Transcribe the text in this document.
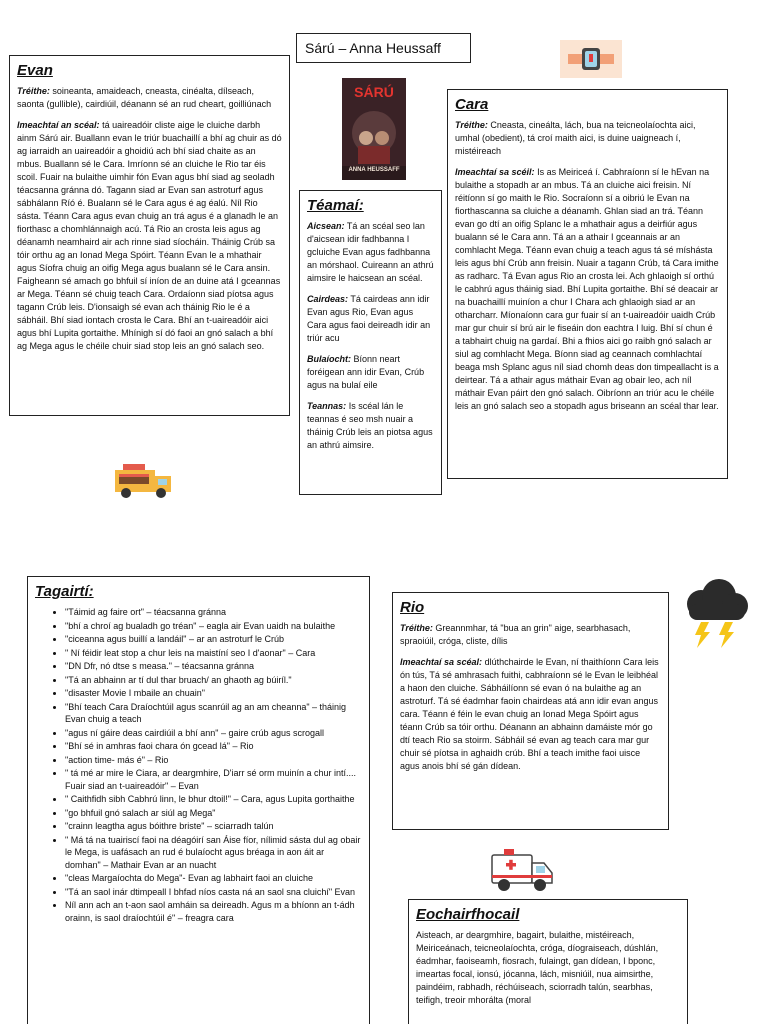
Sárú – Anna Heussaff
SÁRÚ
ANNA HEUSSAFF
Evan

Tréithe: soineanta, amaideach, cneasta, cinéalta, dílseach, saonta (gullible), cairdiúil, déanann sé an rud cheart, goilliúnach

Imeachtaí an scéal: tá uaireadóir cliste aige le cluiche darbh ainm Sárú air. Buallann evan le triúr buachaillí a bhí ag chuir as dó ag iarraidh an uaireadóir a ghoidiú ach bhí siad chaite as an mbus. Buallann sé le Cara. Imríonn sé an cluiche le Rio tar éis scoil. Fuair na bulaithe uimhir fón Evan agus bhí siad ag seoladh téacsanna gránna dó. Tagann siad ar Evan san astroturf agus sábhálann Ríó é. Bualann sé le Cara agus é ag éalú. Níl Rio sásta. Téann Cara agus evan chuig an trá agus é a glanadh le an fiorthasc a chomhlánnaigh acú. Tá Rio an crosta leis agus ag déanamh neamhaird air ach rinne siad síocháin. Tháinig Crúb sa tóir orthu ag an Ionad Mega Spóirt. Téann Evan le a mhathair agus Síofra chuig an oifig Mega agus bualann sé le Cara ansin. Faigheann sé amach go bhfuil sí iníon de an duine atá I gceannas ar Mega. Téann sé chuig teach Cara. Ordaíonn siad píotsa agus tagann Crúb leis. D'ionsaigh sé evan ach tháinig Rio le é a sábháil. Bhí siad iontach crosta le Cara. Bhí an t-uaireadóir aici agus bhí Lupita gortaithe. Mhínigh sí dó faoi an gnó salach a bhí ag Mega agus le chéile chuir siad stop leis an gnó salach seo.

Téamaí:

Aicsean: Tá an scéal seo lan d'aicsean idir fadhbanna I gcluiche Evan agus fadhbanna an mórshaol. Cuireann an athrú aimsire le haicsean an scéal.

Cairdeas: Tá cairdeas ann idir Evan agus Rio, Evan agus Cara agus faoi deireadh idir an triúr acu

Bulaíocht: Bíonn neart foréigean ann idir Evan, Crúb agus na bulaí eile

Teannas: Is scéal lán le teannas é seo msh nuair a tháinig Crúb leis an piotsa agus an athrú aimsire.

Cara

Tréithe: Cneasta, cineálta, lách, bua na teicneolaíochta aici, umhal (obedient), tá croí maith aici, is duine uaigneach í, mistéireach

Imeachtaí sa scéil: Is as Meiriceá í. Cabhraíonn sí le hEvan na bulaithe a stopadh ar an mbus. Tá an cluiche aici freisin. Ní réitíonn sí go maith le Rio. Socraíonn sí a oibriú le Evan na fiorthascanna sa cluiche a déanamh. Ghlan siad an trá. Téann evan go dtí an oifig Splanc le a mhathair agus a deirfiúr agus bualann sé le Cara ann. Tá an a athair I gceannais ar an comhlacht Mega. Téann evan chuig a teach agus tá sé míshásta leis agus bhí Crúb ann freisin. Nuair a tagann Crúb, tá Cara imithe as radharc. Tá Evan agus Rio an crosta lei. Ach ghlaoigh sí orthú le cabhrú agus tháinig siad. Bhí Lupita gortaithe. Bhí sé deacair ar na buachaillí muiníon a chur I Chara ach ghlaoigh siad ar an otharcharr. Míonaíonn cara gur fuair sí an t-uaireadóir uaidh Crúb mar gur chuir sí brú air le fiseáin don eachtra I luig. Bhí sí chun é a tabhairt chuig na gardaí. Bhi a fhios aici go raibh gnó salach ar siul ag comhlacht Mega. Bíonn siad ag ceannach comhlachtaí beaga msh Splanc agus níl siad chomh deas don timpeallacht is a deirtear. Tá a athair agus máthair Evan ag obair leo, ach níl máthair Evan páirt den gnó salach. Oibríonn an triúr acu le chéile leis an gnó salach seo a stopadh agus briseann an scéal thar lear.

Tagairtí:
• "Táimid ag faire ort" – téacsanna gránna
• "bhí a chroí ag bualadh go tréan" – eagla air Evan uaidh na bulaithe
• "ciceanna agus buillí a landáil" – ar an astroturf le Crúb
• " Ní féidir leat stop a chur leis na maistíní seo I d'aonar" – Cara
• "DN Dfr, nó dtse s measa." – téacsanna gránna
• "Tá an abhainn ar tí dul thar bruach/ an ghaoth ag búiríl."
• "disaster Movie I mbaile an chuain"
• "Bhí teach Cara Draíochtúil agus scanrúil ag an am cheanna" – tháinig Evan chuig a teach
• "agus ní gáire deas cairdiúil a bhí ann" – gaire crúb agus scrogall
• "Bhí sé in amhras faoi chara ón gcead lá" – Rio
• "action time- más é" – Rio
• " tá mé ar mire le Ciara, ar deargmhire, D'iarr sé orm muinín a chur intí.... Fuair siad an t-uaireadóir" – Evan
• " Caithfidh sibh Cabhrú linn, le bhur dtoil!" – Cara, agus Lupita gorthaithe
• "go bhfuil gnó salach ar siúl ag Mega"
• "crainn leagtha agus bóithre briste" – sciarradh talún
• " Má tá na tuairiscí faoi na déagóirí san Áise fíor, nílimid sásta dul ag obair le Mega, is uafásach an rud é bulaíocht agus bréaga in aon áit ar domhan" – Mathair Evan ar an nuacht
• "cleas Margaíochta do Mega"- Evan ag labhairt faoi an cluiche
• "Tá an saol inár dtimpeall I bhfad níos casta ná an saol sna cluichí" Evan
• Níl ann ach an t-aon saol amháin sa deireadh. Agus m a bhíonn an t-ádh orainn, is saol draíochtúil é" – freagra cara
Rio

Tréithe: Greannmhar, tá "bua an grin" aige, searbhasach, spraoiúil, cróga, cliste, dílis

Imeachtaí sa scéal: dlúthchairde le Evan, ní thaithíonn Cara leis ón tús, Tá sé amhrasach fuithi, cabhraíonn sé le Evan le leibhéal a haon den cluiche. Sábháilíonn sé evan ó na bulaithe ag an astroturf. Tá sé éadmhar faoin chairdeas atá ann idir evan angus cara. Téann é féin le evan chuig an Ionad Mega Spóirt agus téann Crúb sa tóir orthu. Déanann an abhainn damáiste mór go dtí teach Rio sa stoirm. Sábháil sé evan ag teach cara mar gur chuir sé píotsa in aghaidh crúb. Bhí a teach imithe faoi uisce agus anois bhí sé gán dídean.

Eochairfhocail

Aisteach, ar deargmhire, bagairt, bulaithe, mistéireach, Meiriceánach, teicneolaíochta, cróga, díograiseach, dúshlán, éadmhar, faoiseamh, fiosrach, fulaingt, gan dídean, I bponc, imeartas focal, ionsú, jócanna, lách, misniúil, nua aimsirthe, paindéim, rabhadh, réchúiseach, sciorradh talún, searbhas, teifigh, treoir mhoráltа (moral
